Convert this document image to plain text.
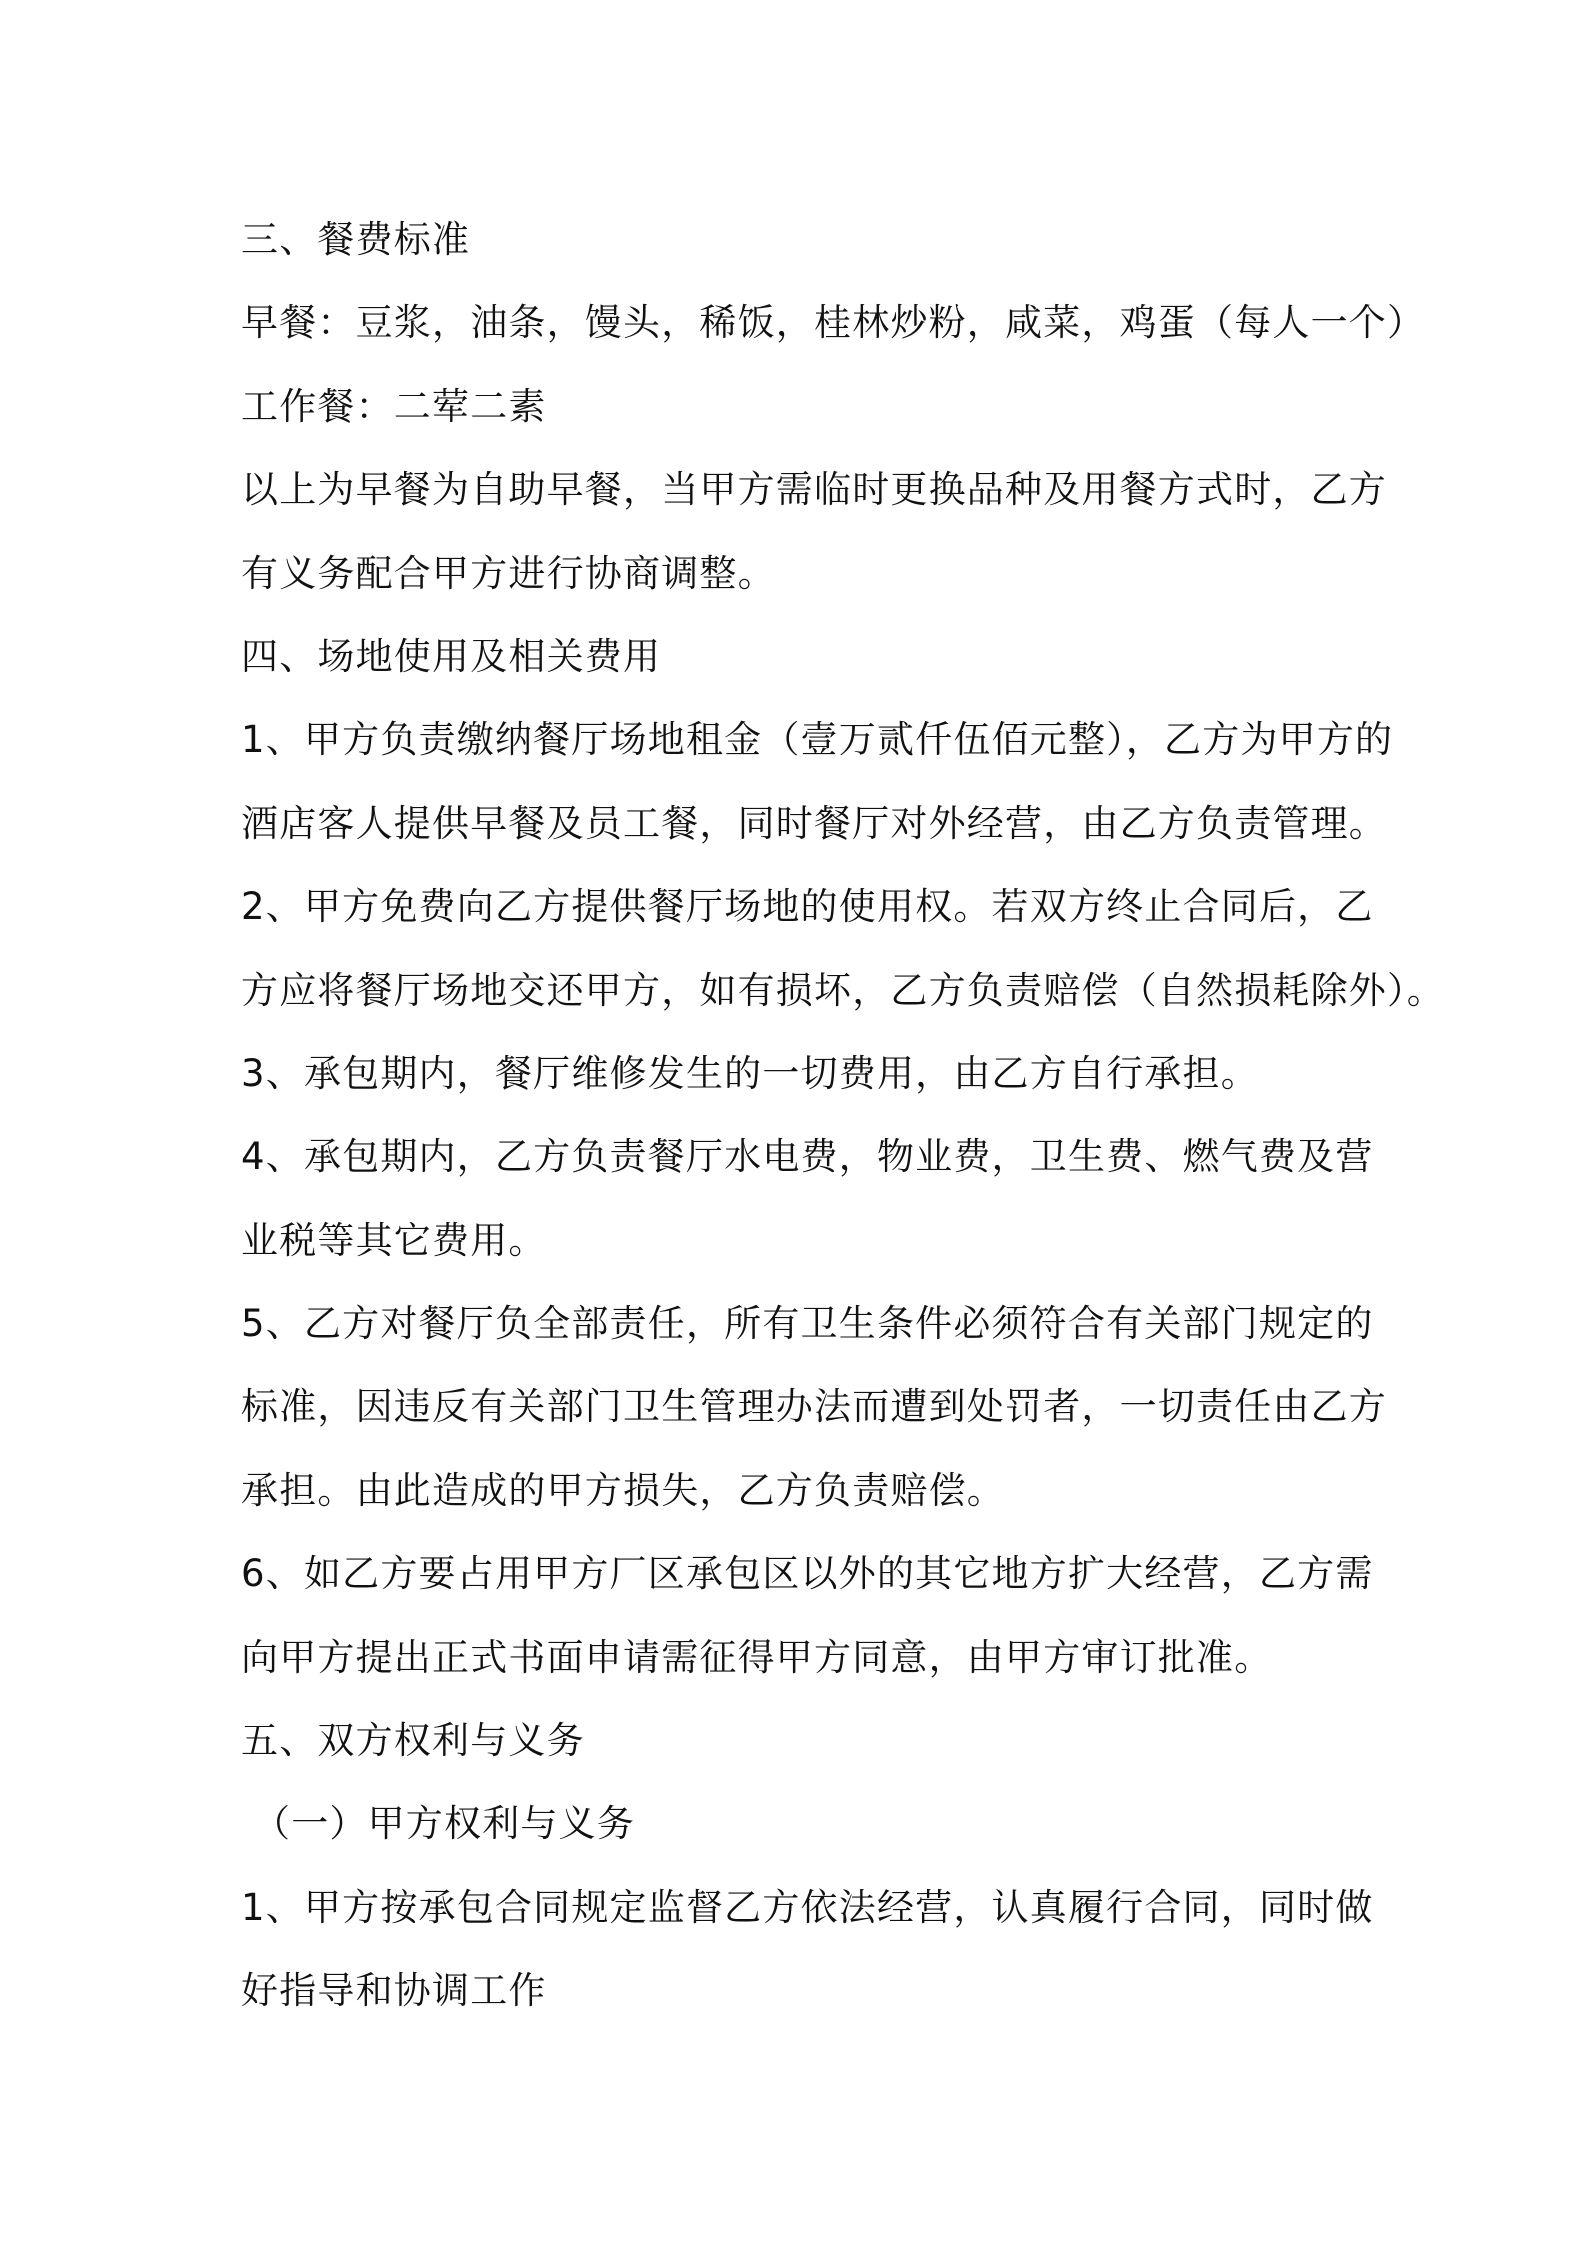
三、餐费标准
早餐：豆浆，油条，馒头，稀饭，桂林炒粉，咸菜，鸡蛋（每人一个）
工作餐：二荤二素
以上为早餐为自助早餐，当甲方需临时更换品种及用餐方式时，乙方
有义务配合甲方进行协商调整。
四、场地使用及相关费用
1、甲方负责缴纳餐厅场地租金（壹万贰仟伍佰元整），乙方为甲方的
酒店客人提供早餐及员工餐，同时餐厅对外经营，由乙方负责管理。
2、甲方免费向乙方提供餐厅场地的使用权。若双方终止合同后，乙
方应将餐厅场地交还甲方，如有损坏，乙方负责赔偿（自然损耗除外）。
3、承包期内，餐厅维修发生的一切费用，由乙方自行承担。
4、承包期内，乙方负责餐厅水电费，物业费，卫生费、燃气费及营
业税等其它费用。
5、乙方对餐厅负全部责任，所有卫生条件必须符合有关部门规定的
标准，因违反有关部门卫生管理办法而遭到处罚者，一切责任由乙方
承担。由此造成的甲方损失，乙方负责赔偿。
6、如乙方要占用甲方厂区承包区以外的其它地方扩大经营，乙方需
向甲方提出正式书面申请需征得甲方同意，由甲方审订批准。
五、双方权利与义务
（一）甲方权利与义务
1、甲方按承包合同规定监督乙方依法经营，认真履行合同，同时做
好指导和协调工作
